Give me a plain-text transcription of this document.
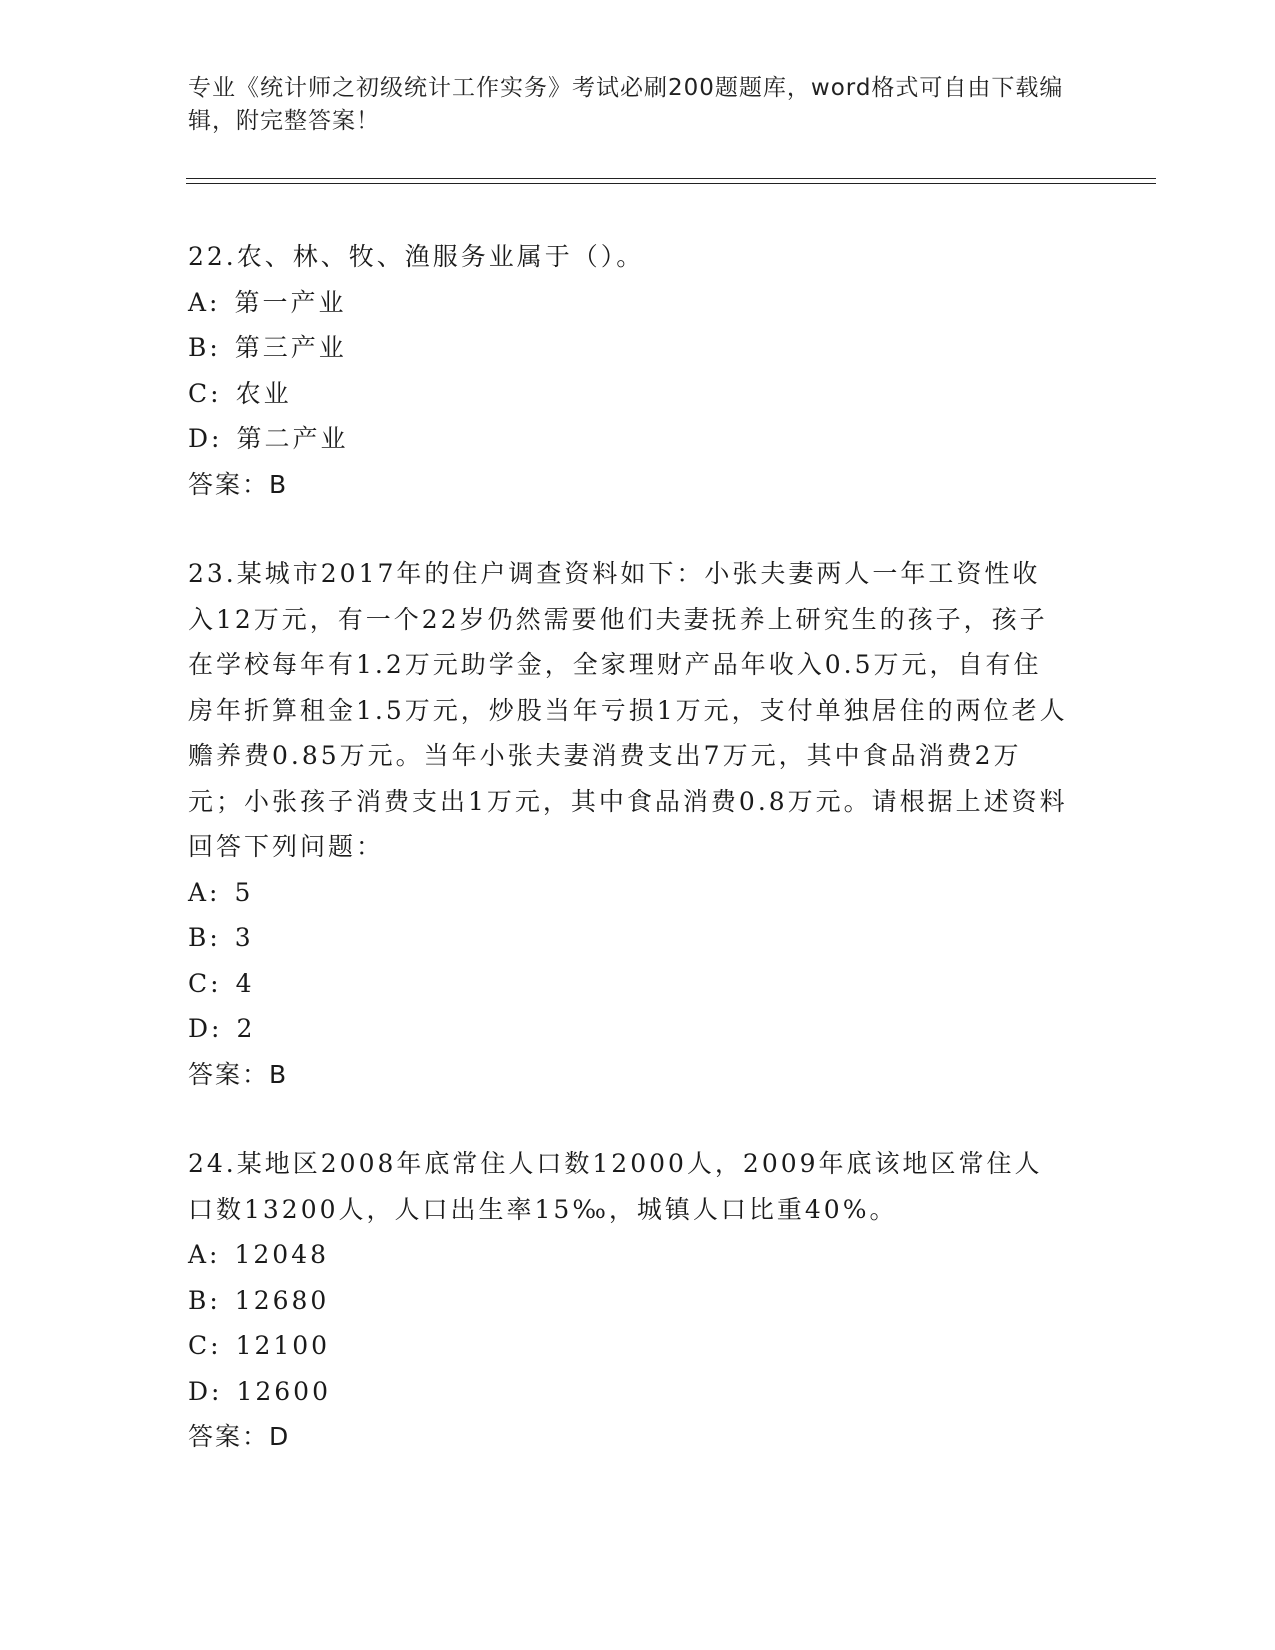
专业《统计师之初级统计工作实务》考试必刷200题题库，word格式可自由下载编辑，附完整答案！

22.农、林、牧、渔服务业属于（）。

A: 第一产业

B: 第三产业

C: 农业

D: 第二产业

答案：B

23.某城市2017年的住户调查资料如下：小张夫妻两人一年工资性收入12万元，有一个22岁仍然需要他们夫妻抚养上研究生的孩子，孩子在学校每年有1.2万元助学金，全家理财产品年收入0.5万元，自有住房年折算租金1.5万元，炒股当年亏损1万元，支付单独居住的两位老人赡养费0.85万元。当年小张夫妻消费支出7万元，其中食品消费2万元；小张孩子消费支出1万元，其中食品消费0.8万元。请根据上述资料回答下列问题：

A: 5

B: 3

C: 4

D: 2

答案：B

24.某地区2008年底常住人口数12000人，2009年底该地区常住人口数13200人，人口出生率15‰，城镇人口比重40%。

A: 12048

B: 12680

C: 12100

D: 12600

答案：D
